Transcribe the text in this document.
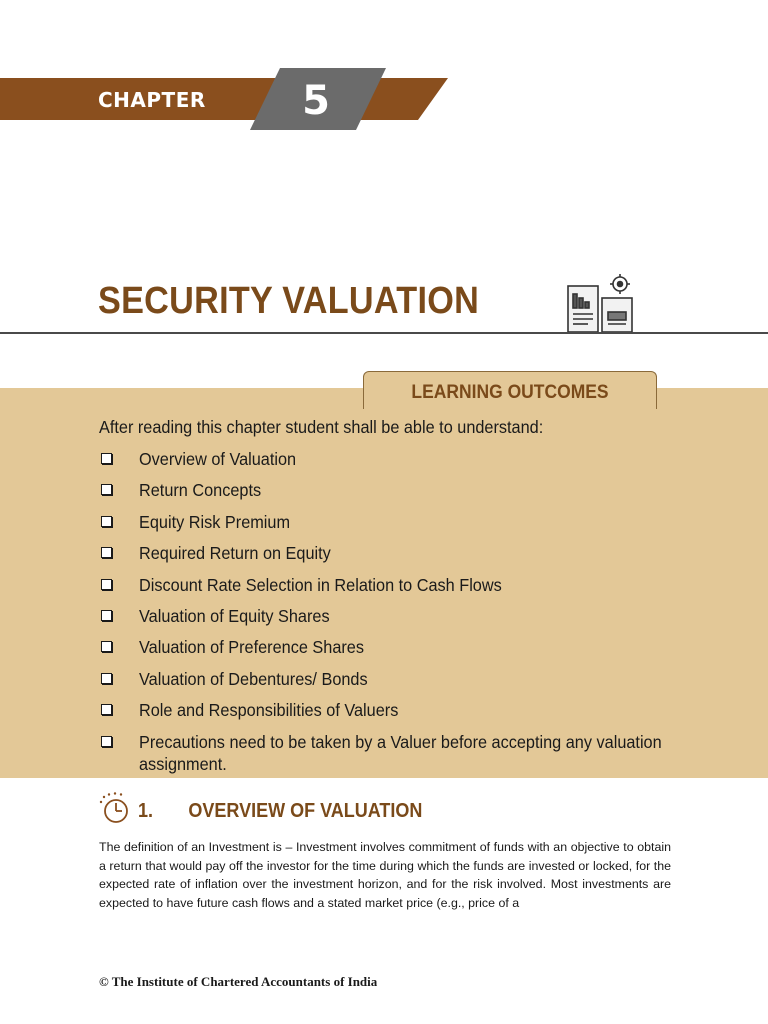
CHAPTER 5
SECURITY VALUATION
LEARNING OUTCOMES
After reading this chapter student shall be able to understand:
Overview of Valuation
Return Concepts
Equity Risk Premium
Required Return on Equity
Discount Rate Selection in Relation to Cash Flows
Valuation of Equity Shares
Valuation of Preference Shares
Valuation of Debentures/ Bonds
Role and Responsibilities of Valuers
Precautions need to be taken by a Valuer before accepting any valuation assignment.
1. OVERVIEW OF VALUATION

The definition of an Investment is – Investment involves commitment of funds with an objective to obtain a return that would pay off the investor for the time during which the funds are invested or locked, for the expected rate of inflation over the investment horizon, and for the risk involved. Most investments are expected to have future cash flows and a stated market price (e.g., price of a

© The Institute of Chartered Accountants of India
